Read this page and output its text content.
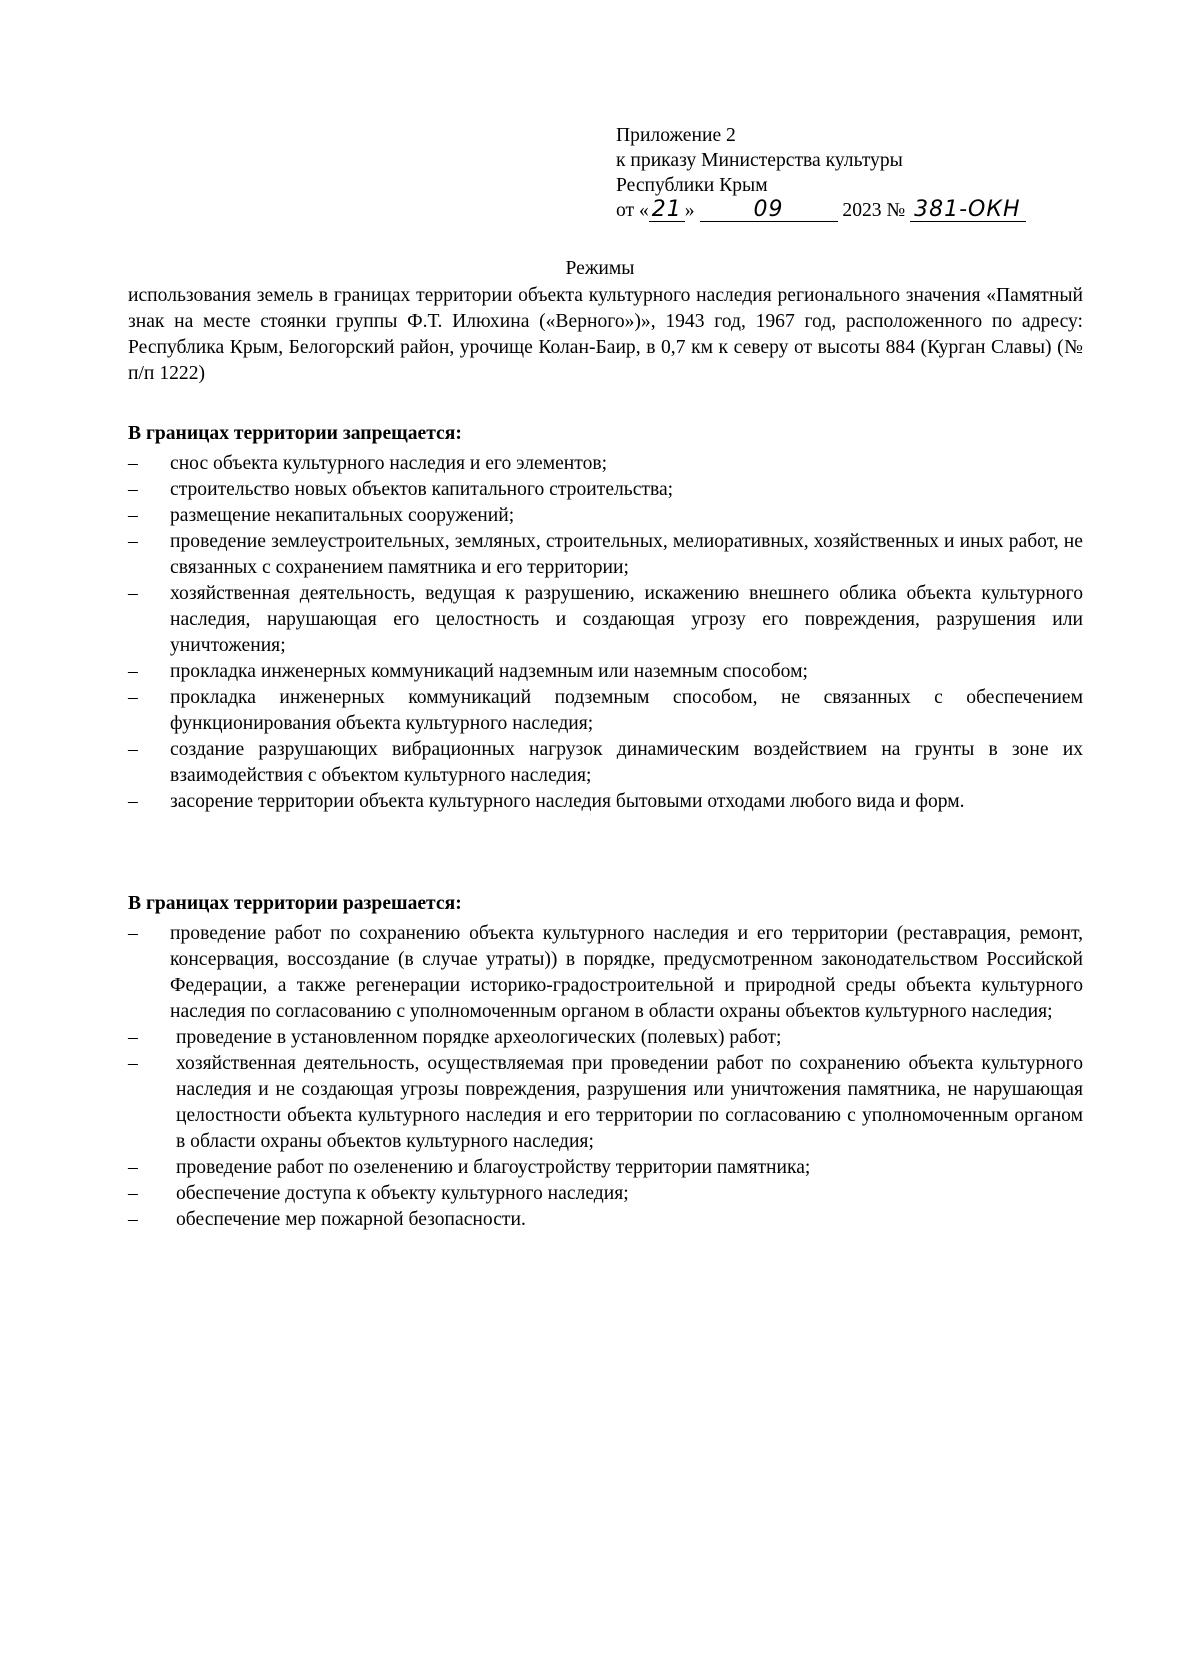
Приложение 2
к приказу Министерства культуры
Республики Крым
от « 21 »	09	2023 № 381-ОКН
Режимы
использования земель в границах территории объекта культурного наследия регионального значения «Памятный знак на месте стоянки группы Ф.Т. Илюхина («Верного»)», 1943 год, 1967 год, расположенного по адресу: Республика Крым, Белогорский район, урочище Колан-Баир, в 0,7 км к северу от высоты 884 (Курган Славы) (№ п/п 1222)
В границах территории запрещается:
– снос объекта культурного наследия и его элементов;
– строительство новых объектов капитального строительства;
– размещение некапитальных сооружений;
– проведение землеустроительных, земляных, строительных, мелиоративных, хозяйственных и иных работ, не связанных с сохранением памятника и его территории;
– хозяйственная деятельность, ведущая к разрушению, искажению внешнего облика объекта культурного наследия, нарушающая его целостность и создающая угрозу его повреждения, разрушения или уничтожения;
– прокладка инженерных коммуникаций надземным или наземным способом;
– прокладка инженерных коммуникаций подземным способом, не связанных с обеспечением функционирования объекта культурного наследия;
– создание разрушающих вибрационных нагрузок динамическим воздействием на грунты в зоне их взаимодействия с объектом культурного наследия;
– засорение территории объекта культурного наследия бытовыми отходами любого вида и форм.
В границах территории разрешается:
– проведение работ по сохранению объекта культурного наследия и его территории (реставрация, ремонт, консервация, воссоздание (в случае утраты)) в порядке, предусмотренном законодательством Российской Федерации, а также регенерации историко-градостроительной и природной среды объекта культурного наследия по согласованию с уполномоченным органом в области охраны объектов культурного наследия;
– проведение в установленном порядке археологических (полевых) работ;
– хозяйственная деятельность, осуществляемая при проведении работ по сохранению объекта культурного наследия и не создающая угрозы повреждения, разрушения или уничтожения памятника, не нарушающая целостности объекта культурного наследия и его территории по согласованию с уполномоченным органом в области охраны объектов культурного наследия;
– проведение работ по озеленению и благоустройству территории памятника;
– обеспечение доступа к объекту культурного наследия;
– обеспечение мер пожарной безопасности.
